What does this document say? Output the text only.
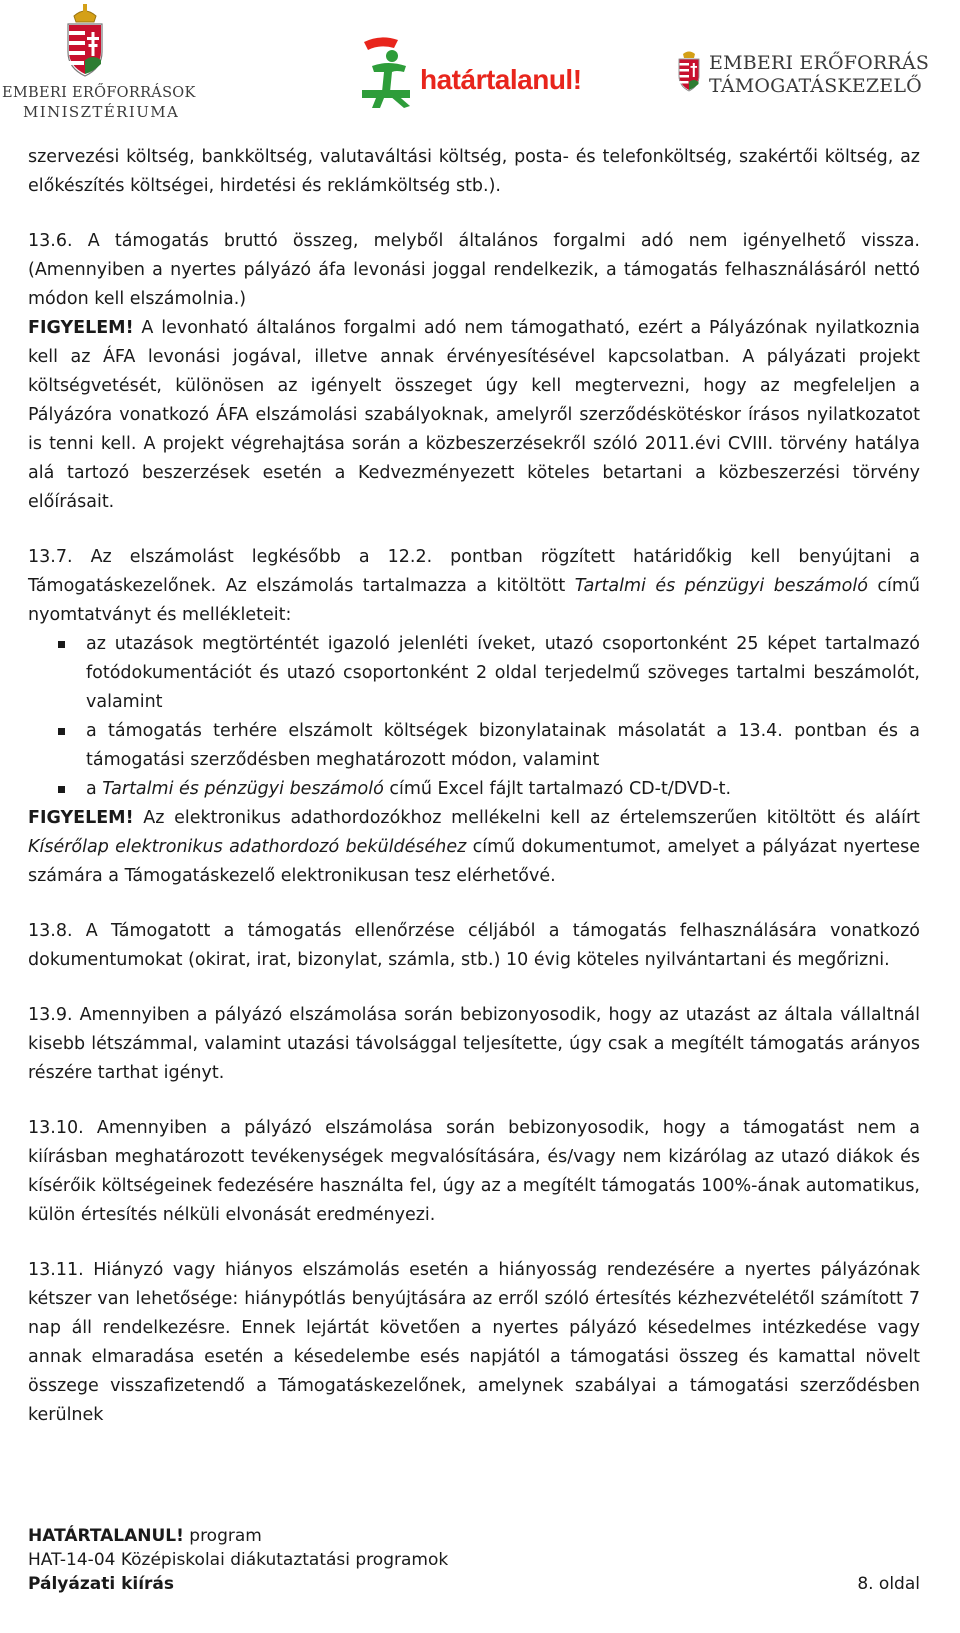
EMBERI ERŐFORRÁSOK
MINISZTÉRIUMA
határtalanul!
EMBERI ERŐFORRÁS
TÁMOGATÁSKEZELŐ

szervezési költség, bankköltség, valutaváltási költség, posta- és telefonköltség, szakértői költség, az előkészítés költségei, hirdetési és reklámköltség stb.).

13.6. A támogatás bruttó összeg, melyből általános forgalmi adó nem igényelhető vissza. (Amennyiben a nyertes pályázó áfa levonási joggal rendelkezik, a támogatás felhasználásáról nettó módon kell elszámolnia.)
FIGYELEM! A levonható általános forgalmi adó nem támogatható, ezért a Pályázónak nyilatkoznia kell az ÁFA levonási jogával, illetve annak érvényesítésével kapcsolatban. A pályázati projekt költségvetését, különösen az igényelt összeget úgy kell megtervezni, hogy az megfeleljen a Pályázóra vonatkozó ÁFA elszámolási szabályoknak, amelyről szerződéskötéskor írásos nyilatkozatot is tenni kell. A projekt végrehajtása során a közbeszerzésekről szóló 2011.évi CVIII. törvény hatálya alá tartozó beszerzések esetén a Kedvezményezett köteles betartani a közbeszerzési törvény előírásait.

13.7. Az elszámolást legkésőbb a 12.2. pontban rögzített határidőkig kell benyújtani a Támogatáskezelőnek. Az elszámolás tartalmazza a kitöltött Tartalmi és pénzügyi beszámoló című nyomtatványt és mellékleteit:

az utazások megtörténtét igazoló jelenléti íveket, utazó csoportonként 25 képet tartalmazó fotódokumentációt és utazó csoportonként 2 oldal terjedelmű szöveges tartalmi beszámolót, valamint
a támogatás terhére elszámolt költségek bizonylatainak másolatát a 13.4. pontban és a támogatási szerződésben meghatározott módon, valamint
a Tartalmi és pénzügyi beszámoló című Excel fájlt tartalmazó CD-t/DVD-t.

FIGYELEM! Az elektronikus adathordozókhoz mellékelni kell az értelemszerűen kitöltött és aláírt Kísérőlap elektronikus adathordozó beküldéséhez című dokumentumot, amelyet a pályázat nyertese számára a Támogatáskezelő elektronikusan tesz elérhetővé.

13.8. A Támogatott a támogatás ellenőrzése céljából a támogatás felhasználására vonatkozó dokumentumokat (okirat, irat, bizonylat, számla, stb.) 10 évig köteles nyilvántartani és megőrizni.

13.9. Amennyiben a pályázó elszámolása során bebizonyosodik, hogy az utazást az általa vállaltnál kisebb létszámmal, valamint utazási távolsággal teljesítette, úgy csak a megítélt támogatás arányos részére tarthat igényt.

13.10. Amennyiben a pályázó elszámolása során bebizonyosodik, hogy a támogatást nem a kiírásban meghatározott tevékenységek megvalósítására, és/vagy nem kizárólag az utazó diákok és kísérőik költségeinek fedezésére használta fel, úgy az a megítélt támogatás 100%-ának automatikus, külön értesítés nélküli elvonását eredményezi.

13.11. Hiányzó vagy hiányos elszámolás esetén a hiányosság rendezésére a nyertes pályázónak kétszer van lehetősége: hiánypótlás benyújtására az erről szóló értesítés kézhezvételétől számított 7 nap áll rendelkezésre. Ennek lejártát követően a nyertes pályázó késedelmes intézkedése vagy annak elmaradása esetén a késedelembe esés napjától a támogatási összeg és kamattal növelt összege visszafizetendő a Támogatáskezelőnek, amelynek szabályai a támogatási szerződésben kerülnek

HATÁRTALANUL! program
HAT-14-04 Középiskolai diákutaztatási programok
Pályázati kiírás	8. oldal
